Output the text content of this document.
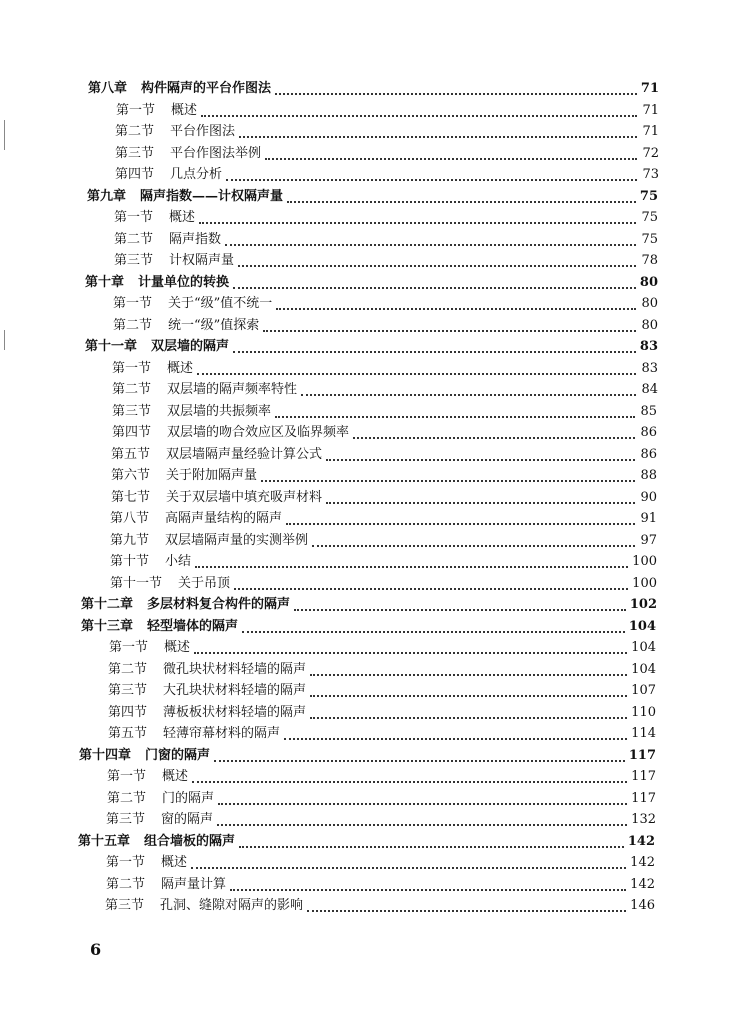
第八章 构件隔声的平台作图法	71
第一节 概述	71
第二节 平台作图法	71
第三节 平台作图法举例	72
第四节 几点分析	73
第九章 隔声指数——计权隔声量	75
第一节 概述	75
第二节 隔声指数	75
第三节 计权隔声量	78
第十章 计量单位的转换	80
第一节 关于“级”值不统一	80
第二节 统一“级”值探索	80
第十一章 双层墙的隔声	83
第一节 概述	83
第二节 双层墙的隔声频率特性	84
第三节 双层墙的共振频率	85
第四节 双层墙的吻合效应区及临界频率	86
第五节 双层墙隔声量经验计算公式	86
第六节 关于附加隔声量	88
第七节 关于双层墙中填充吸声材料	90
第八节 高隔声量结构的隔声	91
第九节 双层墙隔声量的实测举例	97
第十节 小结	100
第十一节 关于吊顶	100
第十二章 多层材料复合构件的隔声	102
第十三章 轻型墙体的隔声	104
第一节 概述	104
第二节 微孔块状材料轻墙的隔声	104
第三节 大孔块状材料轻墙的隔声	107
第四节 薄板板状材料轻墙的隔声	110
第五节 轻薄帘幕材料的隔声	114
第十四章 门窗的隔声	117
第一节 概述	117
第二节 门的隔声	117
第三节 窗的隔声	132
第十五章 组合墙板的隔声	142
第一节 概述	142
第二节 隔声量计算	142
第三节 孔洞、缝隙对隔声的影响	146
6
